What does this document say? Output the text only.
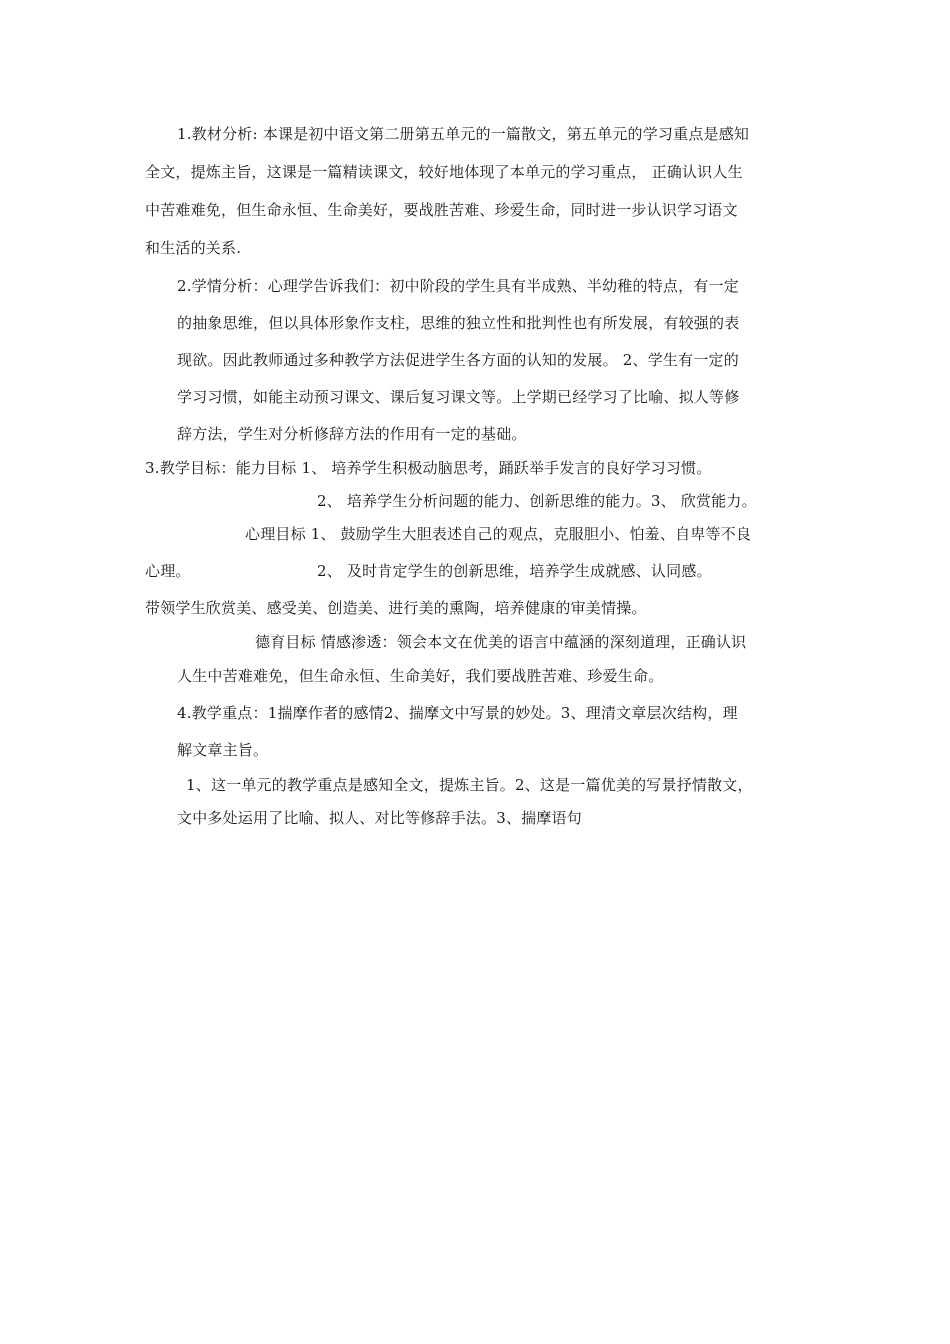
1.教材分析: 本课是初中语文第二册第五单元的一篇散文，第五单元的学习重点是感知
全文，提炼主旨，这课是一篇精读课文，较好地体现了本单元的学习重点， 正确认识人生
中苦难难免，但生命永恒、生命美好，要战胜苦难、珍爱生命，同时进一步认识学习语文
和生活的关系.
2.学情分析：心理学告诉我们：初中阶段的学生具有半成熟、半幼稚的特点，有一定
的抽象思维，但以具体形象作支柱，思维的独立性和批判性也有所发展，有较强的表
现欲。因此教师通过多种教学方法促进学生各方面的认知的发展。 2、学生有一定的
学习习惯，如能主动预习课文、课后复习课文等。上学期已经学习了比喻、拟人等修
辞方法，学生对分析修辞方法的作用有一定的基础。
3.教学目标：能力目标 1、 培养学生积极动脑思考，踊跃举手发言的良好学习习惯。
2、 培养学生分析问题的能力、创新思维的能力。3、 欣赏能力。
心理目标 1、 鼓励学生大胆表述自己的观点，克服胆小、怕羞、自卑等不良
心理。	2、 及时肯定学生的创新思维，培养学生成就感、认同感。
带领学生欣赏美、感受美、创造美、进行美的熏陶，培养健康的审美情操。
德育目标 情感渗透：领会本文在优美的语言中蕴涵的深刻道理，正确认识
人生中苦难难免，但生命永恒、生命美好，我们要战胜苦难、珍爱生命。
4.教学重点：1揣摩作者的感情2、揣摩文中写景的妙处。3、理清文章层次结构，理
解文章主旨。
1、这一单元的教学重点是感知全文，提炼主旨。2、这是一篇优美的写景抒情散文，
文中多处运用了比喻、拟人、对比等修辞手法。3、揣摩语句
